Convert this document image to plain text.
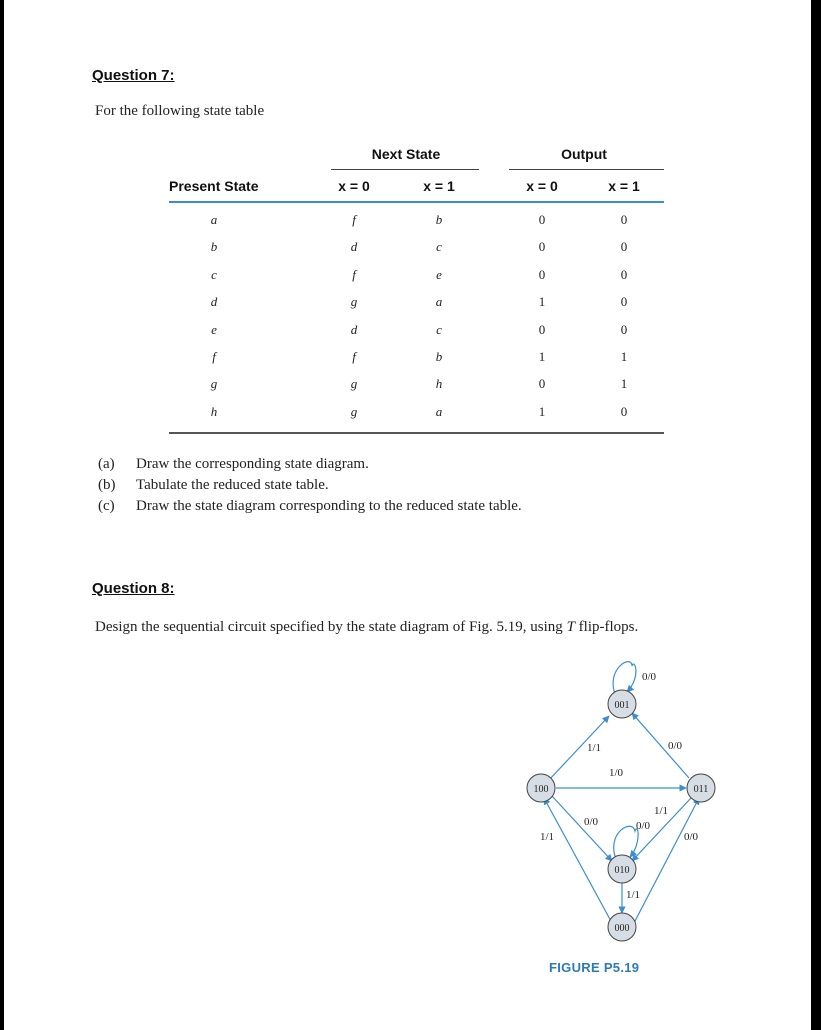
Question 7:
For the following state table
Next State	Output
Present State	x = 0	x = 1	x = 0	x = 1
a	f	b	0	0
b	d	c	0	0
c	f	e	0	0
d	g	a	1	0
e	d	c	0	0
f	f	b	1	1
g	g	h	0	1
h	g	a	1	0
(a) Draw the corresponding state diagram.
(b) Tabulate the reduced state table.
(c) Draw the state diagram corresponding to the reduced state table.
Question 8:
Design the sequential circuit specified by the state diagram of Fig. 5.19, using T flip-flops.
001
100	011
010
000
0/0
1/1	0/0
1/0
0/0
1/1
0/0
1/1	0/0
1/1
FIGURE P5.19
